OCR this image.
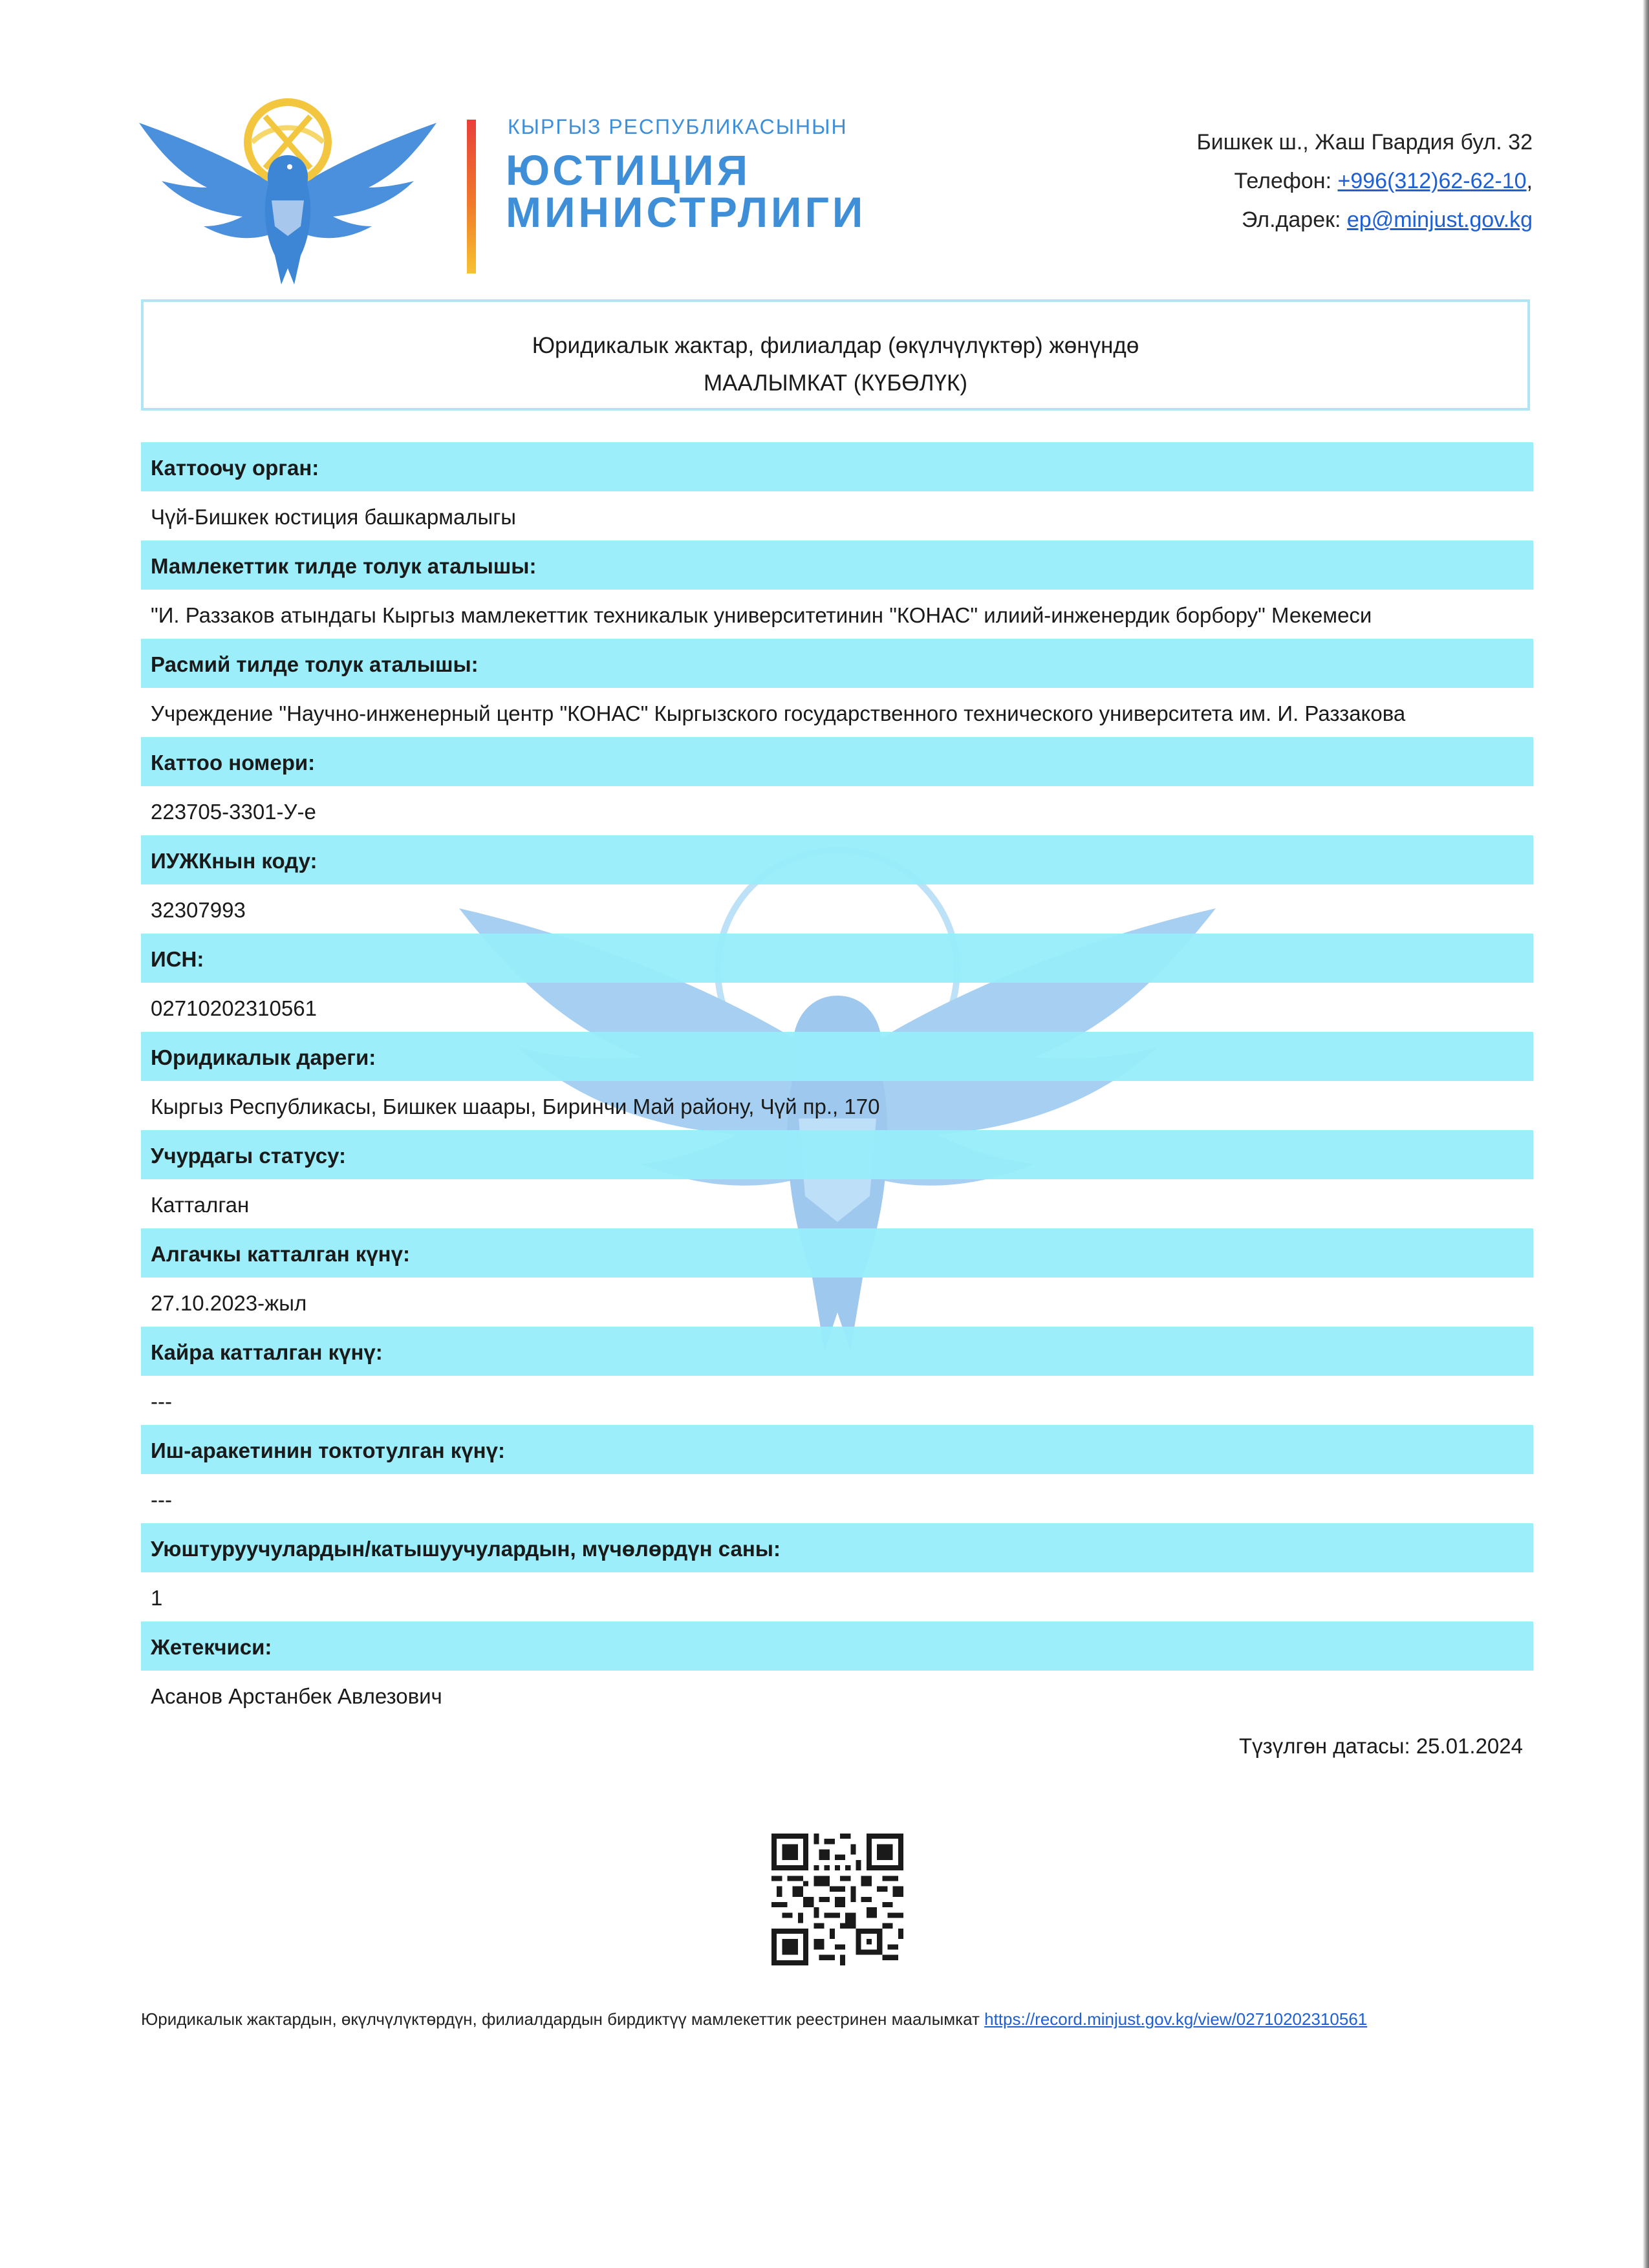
КЫРГЫЗ РЕСПУБЛИКАСЫНЫН
ЮСТИЦИЯ
МИНИСТРЛИГИ
Бишкек ш., Жаш Гвардия бул. 32
Телефон: +996(312)62-62-10,
Эл.дарек: ep@minjust.gov.kg
Юридикалык жактар, филиалдар (өкүлчүлүктөр) жөнүндө
МААЛЫМКАТ (КҮБӨЛҮК)
Каттоочу орган:
Чүй-Бишкек юстиция башкармалыгы
Мамлекеттик тилде толук аталышы:
"И. Раззаков атындагы Кыргыз мамлекеттик техникалык университетинин "КОНАС" илиий-инженердик борбору" Мекемеси
Расмий тилде толук аталышы:
Учреждение "Научно-инженерный центр "КОНАС" Кыргызского государственного технического университета им. И. Раззакова
Каттоо номери:
223705-3301-У-е
ИУЖКнын коду:
32307993
ИСН:
02710202310561
Юридикалык дареги:
Кыргыз Республикасы, Бишкек шаары, Биринчи Май району, Чүй пр., 170
Учурдагы статусу:
Катталган
Алгачкы катталган күнү:
27.10.2023-жыл
Кайра катталган күнү:
---
Иш-аракетинин токтотулган күнү:
---
Уюштуруучулардын/катышуучулардын, мүчөлөрдүн саны:
1
Жетекчиси:
Асанов Арстанбек Авлезович
Түзүлгөн датасы: 25.01.2024
Юридикалык жактардын, өкүлчүлүктөрдүн, филиалдардын бирдиктүү мамлекеттик реестринен маалымкат https://record.minjust.gov.kg/view/02710202310561
